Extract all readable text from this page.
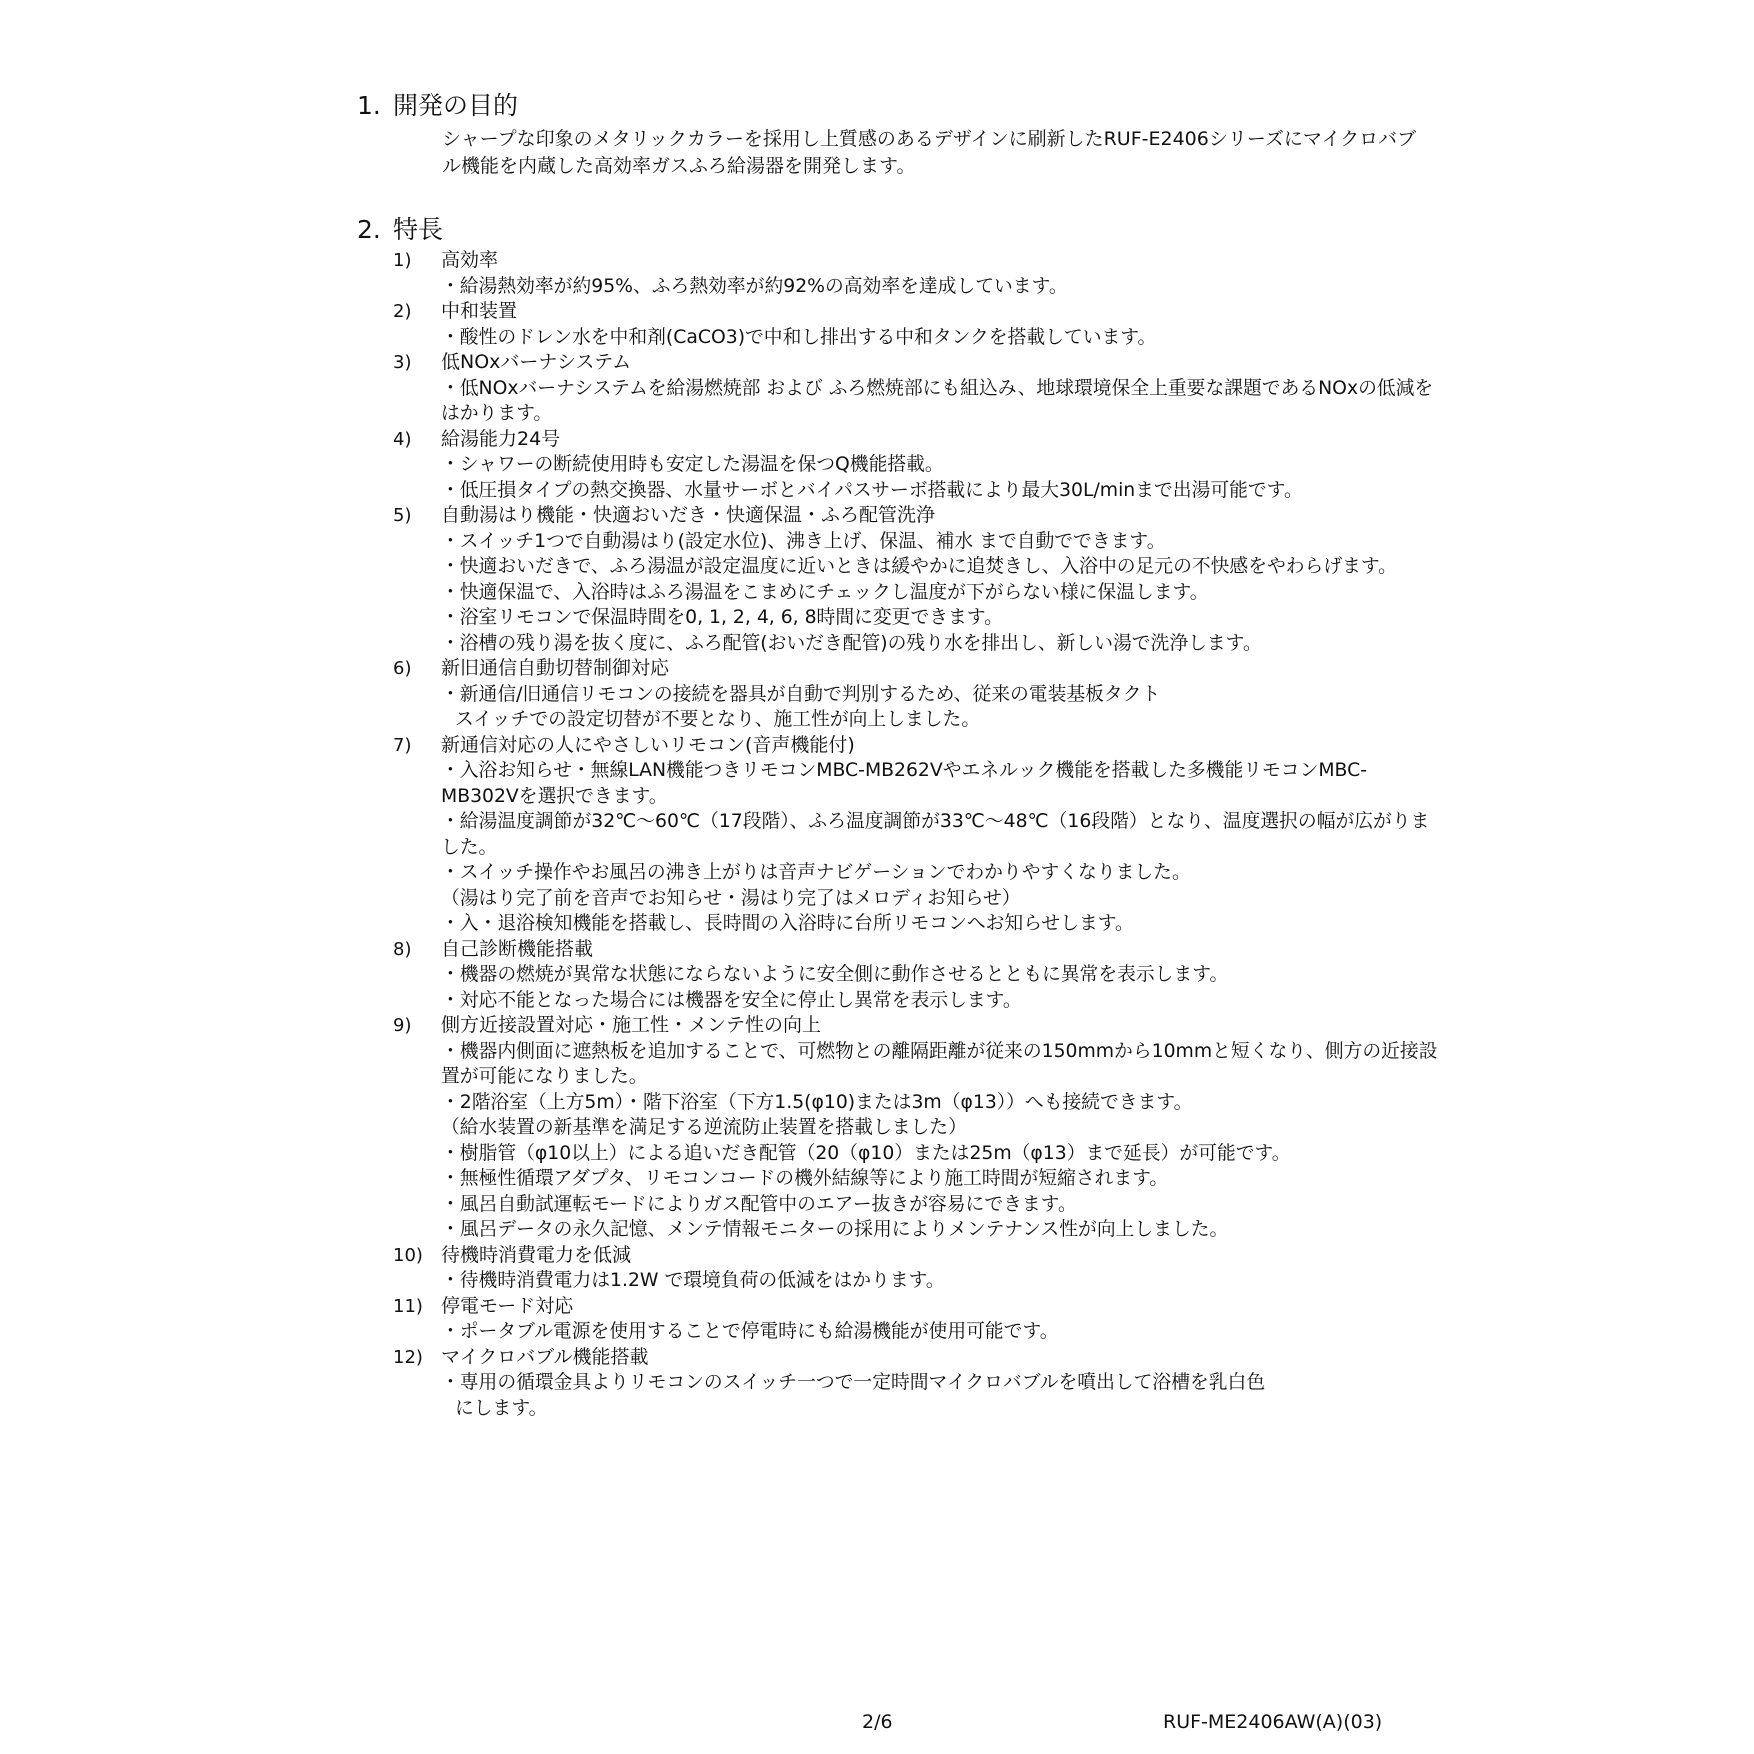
1. 開発の目的

シャープな印象のメタリックカラーを採用し上質感のあるデザインに刷新したRUF-E2406シリーズにマイクロバブル機能を内蔵した高効率ガスふろ給湯器を開発します。

2. 特長
1)	高効率
・給湯熱効率が約95%、ふろ熱効率が約92%の高効率を達成しています。
2)	中和装置
・酸性のドレン水を中和剤(CaCO3)で中和し排出する中和タンクを搭載しています。
3)	低NOxバーナシステム
・低NOxバーナシステムを給湯燃焼部 および ふろ燃焼部にも組込み、地球環境保全上重要な課題であるNOxの低減をはかります。
4)	給湯能力24号
・シャワーの断続使用時も安定した湯温を保つQ機能搭載。
・低圧損タイプの熱交換器、水量サーボとバイパスサーボ搭載により最大30L/minまで出湯可能です。
5)	自動湯はり機能・快適おいだき・快適保温・ふろ配管洗浄
・スイッチ1つで自動湯はり(設定水位)、沸き上げ、保温、補水 まで自動でできます。
・快適おいだきで、ふろ湯温が設定温度に近いときは緩やかに追焚きし、入浴中の足元の不快感をやわらげます。
・快適保温で、入浴時はふろ湯温をこまめにチェックし温度が下がらない様に保温します。
・浴室リモコンで保温時間を0, 1, 2, 4, 6, 8時間に変更できます。
・浴槽の残り湯を抜く度に、ふろ配管(おいだき配管)の残り水を排出し、新しい湯で洗浄します。
6)	新旧通信自動切替制御対応
・新通信/旧通信リモコンの接続を器具が自動で判別するため、従来の電装基板タクト
スイッチでの設定切替が不要となり、施工性が向上しました。
7)	新通信対応の人にやさしいリモコン(音声機能付)
・入浴お知らせ・無線LAN機能つきリモコンMBC-MB262Vやエネルック機能を搭載した多機能リモコンMBC-MB302Vを選択できます。
・給湯温度調節が32℃～60℃（17段階）、ふろ温度調節が33℃～48℃（16段階）となり、温度選択の幅が広がりました。
・スイッチ操作やお風呂の沸き上がりは音声ナビゲーションでわかりやすくなりました。
（湯はり完了前を音声でお知らせ・湯はり完了はメロディお知らせ）
・入・退浴検知機能を搭載し、長時間の入浴時に台所リモコンへお知らせします。
8)	自己診断機能搭載
・機器の燃焼が異常な状態にならないように安全側に動作させるとともに異常を表示します。
・対応不能となった場合には機器を安全に停止し異常を表示します。
9)	側方近接設置対応・施工性・メンテ性の向上
・機器内側面に遮熱板を追加することで、可燃物との離隔距離が従来の150mmから10mmと短くなり、側方の近接設置が可能になりました。
・2階浴室（上方5m）・階下浴室（下方1.5(φ10)または3m（φ13））へも接続できます。
（給水装置の新基準を満足する逆流防止装置を搭載しました）
・樹脂管（φ10以上）による追いだき配管（20（φ10）または25m（φ13）まで延長）が可能です。
・無極性循環アダプタ、リモコンコードの機外結線等により施工時間が短縮されます。
・風呂自動試運転モードによりガス配管中のエアー抜きが容易にできます。
・風呂データの永久記憶、メンテ情報モニターの採用によりメンテナンス性が向上しました。
10) 待機時消費電力を低減
・待機時消費電力は1.2W で環境負荷の低減をはかります。
11) 停電モード対応
・ポータブル電源を使用することで停電時にも給湯機能が使用可能です。
12) マイクロバブル機能搭載
・専用の循環金具よりリモコンのスイッチ一つで一定時間マイクロバブルを噴出して浴槽を乳白色
にします。
2/6	RUF-ME2406AW(A)(03)
